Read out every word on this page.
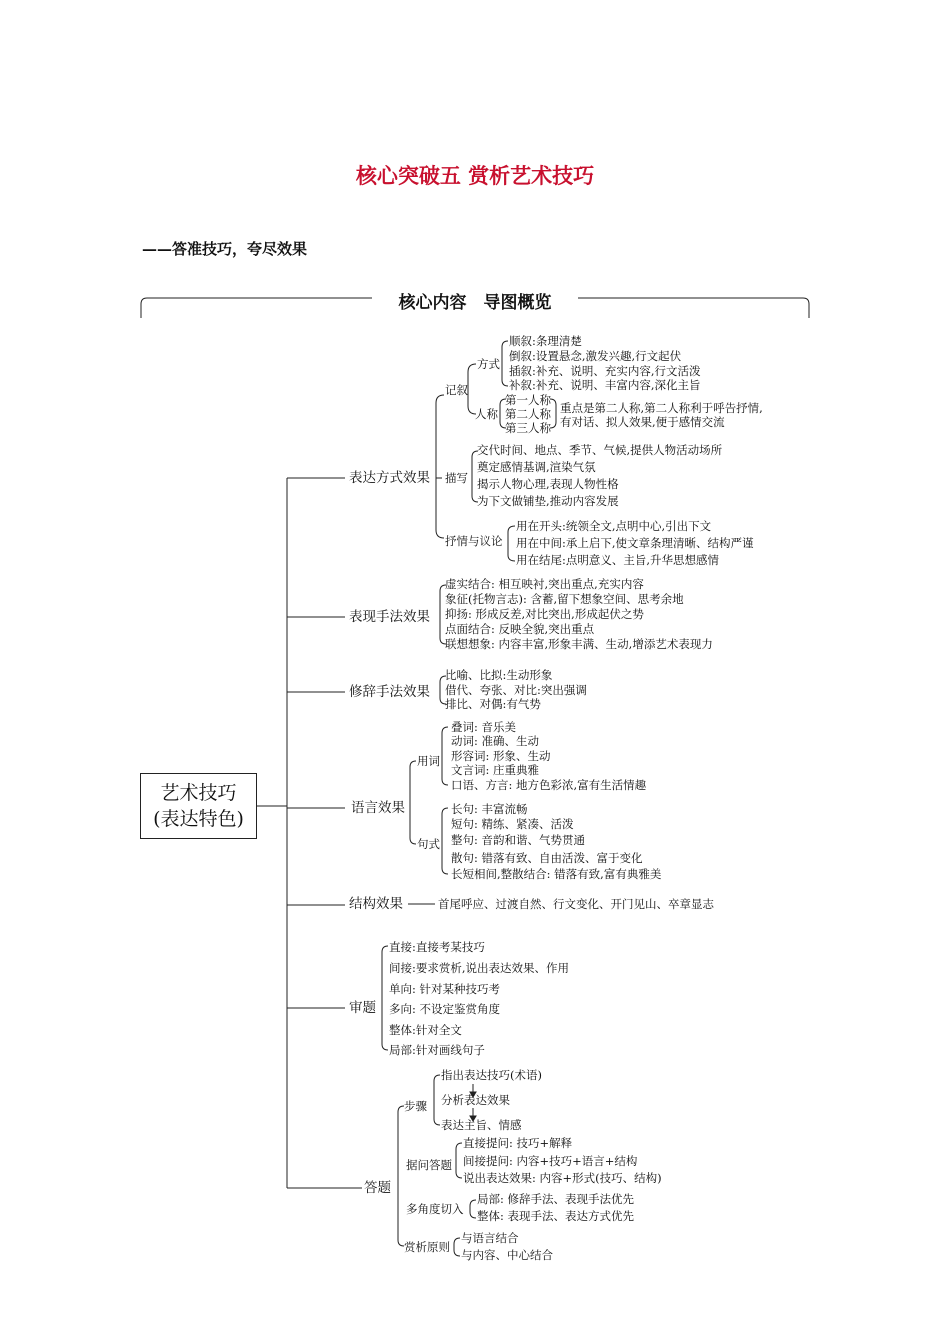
核心突破五 赏析艺术技巧
——答准技巧，夸尽效果
核心内容　导图概览
艺术技巧
(表达特色)
表达方式效果
记叙
方式
顺叙:条理清楚
倒叙:设置悬念,激发兴趣,行文起伏
插叙:补充、说明、充实内容,行文活泼
补叙:补充、说明、丰富内容,深化主旨
人称
第一人称
第二人称
第三人称
重点是第二人称,第二人称利于呼告抒情,
有对话、拟人效果,便于感情交流
描写
交代时间、地点、季节、气候,提供人物活动场所
奠定感情基调,渲染气氛
揭示人物心理,表现人物性格
为下文做铺垫,推动内容发展
抒情与议论
用在开头:统领全文,点明中心,引出下文
用在中间:承上启下,使文章条理清晰、结构严谨
用在结尾:点明意义、主旨,升华思想感情
表现手法效果
虚实结合: 相互映衬,突出重点,充实内容
象征(托物言志): 含蓄,留下想象空间、思考余地
抑扬: 形成反差,对比突出,形成起伏之势
点面结合: 反映全貌,突出重点
联想想象: 内容丰富,形象丰满、生动,增添艺术表现力
修辞手法效果
比喻、比拟:生动形象
借代、夸张、对比:突出强调
排比、对偶:有气势
语言效果
用词
叠词: 音乐美
动词: 准确、生动
形容词: 形象、生动
文言词: 庄重典雅
口语、方言: 地方色彩浓,富有生活情趣
句式
长句: 丰富流畅
短句: 精练、紧凑、活泼
整句: 音韵和谐、气势贯通
散句: 错落有致、自由活泼、富于变化
长短相间,整散结合: 错落有致,富有典雅美
结构效果	首尾呼应、过渡自然、行文变化、开门见山、卒章显志
审题
直接:直接考某技巧
间接:要求赏析,说出表达效果、作用
单向: 针对某种技巧考
多向: 不设定鉴赏角度
整体:针对全文
局部:针对画线句子
答题
步骤
指出表达技巧(术语)
分析表达效果
表达主旨、情感
据问答题
直接提问: 技巧+解释
间接提问: 内容+技巧+语言+结构
说出表达效果: 内容+形式(技巧、结构)
多角度切入
局部: 修辞手法、表现手法优先
整体: 表现手法、表达方式优先
赏析原则
与语言结合
与内容、中心结合
